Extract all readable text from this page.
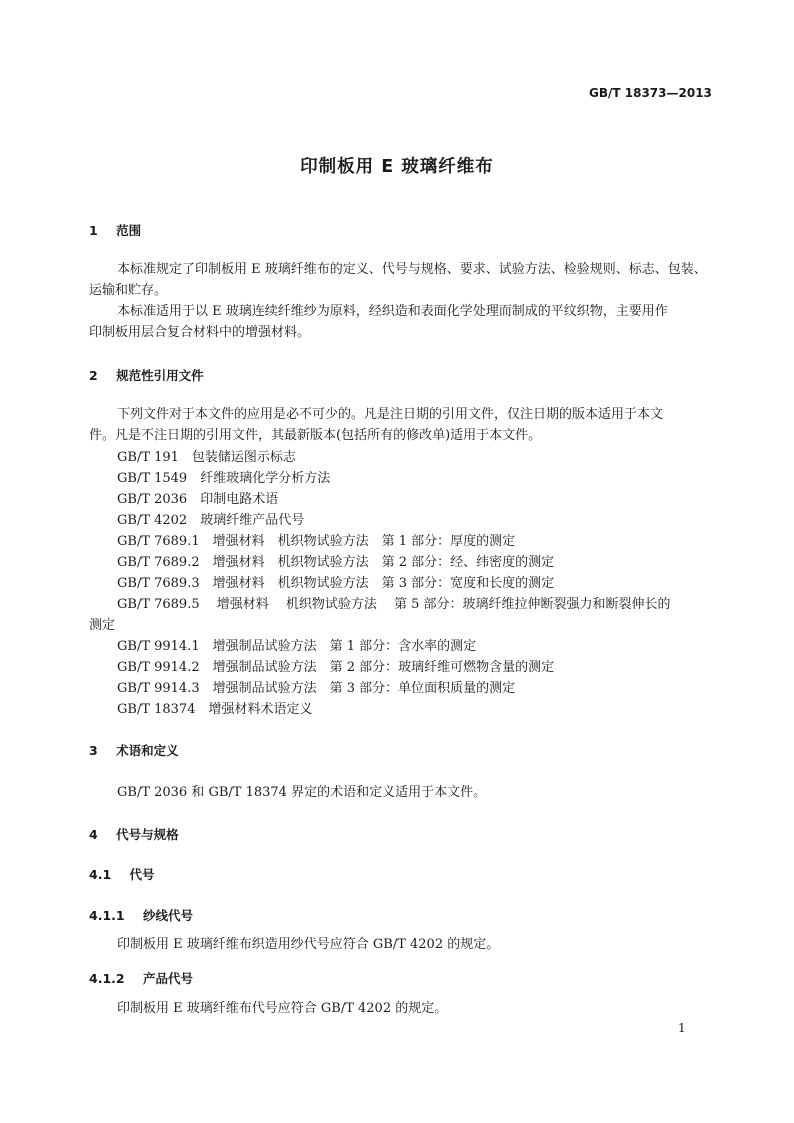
GB/T 18373—2013
印制板用 E 玻璃纤维布
1 范围
本标准规定了印制板用 E 玻璃纤维布的定义、代号与规格、要求、试验方法、检验规则、标志、包装、
运输和贮存。
本标准适用于以 E 玻璃连续纤维纱为原料，经织造和表面化学处理而制成的平纹织物，主要用作
印制板用层合复合材料中的增强材料。
2 规范性引用文件
下列文件对于本文件的应用是必不可少的。凡是注日期的引用文件，仅注日期的版本适用于本文
件。凡是不注日期的引用文件，其最新版本(包括所有的修改单)适用于本文件。
GB/T 191　包装储运图示标志
GB/T 1549　纤维玻璃化学分析方法
GB/T 2036　印制电路术语
GB/T 4202　玻璃纤维产品代号
GB/T 7689.1　增强材料　机织物试验方法　第 1 部分：厚度的测定
GB/T 7689.2　增强材料　机织物试验方法　第 2 部分：经、纬密度的测定
GB/T 7689.3　增强材料　机织物试验方法　第 3 部分：宽度和长度的测定
GB/T 7689.5　 增强材料　 机织物试验方法　 第 5 部分：玻璃纤维拉伸断裂强力和断裂伸长的
测定
GB/T 9914.1　增强制品试验方法　第 1 部分：含水率的测定
GB/T 9914.2　增强制品试验方法　第 2 部分：玻璃纤维可燃物含量的测定
GB/T 9914.3　增强制品试验方法　第 3 部分：单位面积质量的测定
GB/T 18374　增强材料术语定义
3 术语和定义
GB/T 2036 和 GB/T 18374 界定的术语和定义适用于本文件。
4 代号与规格
4.1 代号
4.1.1 纱线代号
印制板用 E 玻璃纤维布织造用纱代号应符合 GB/T 4202 的规定。
4.1.2 产品代号
印制板用 E 玻璃纤维布代号应符合 GB/T 4202 的规定。
1
